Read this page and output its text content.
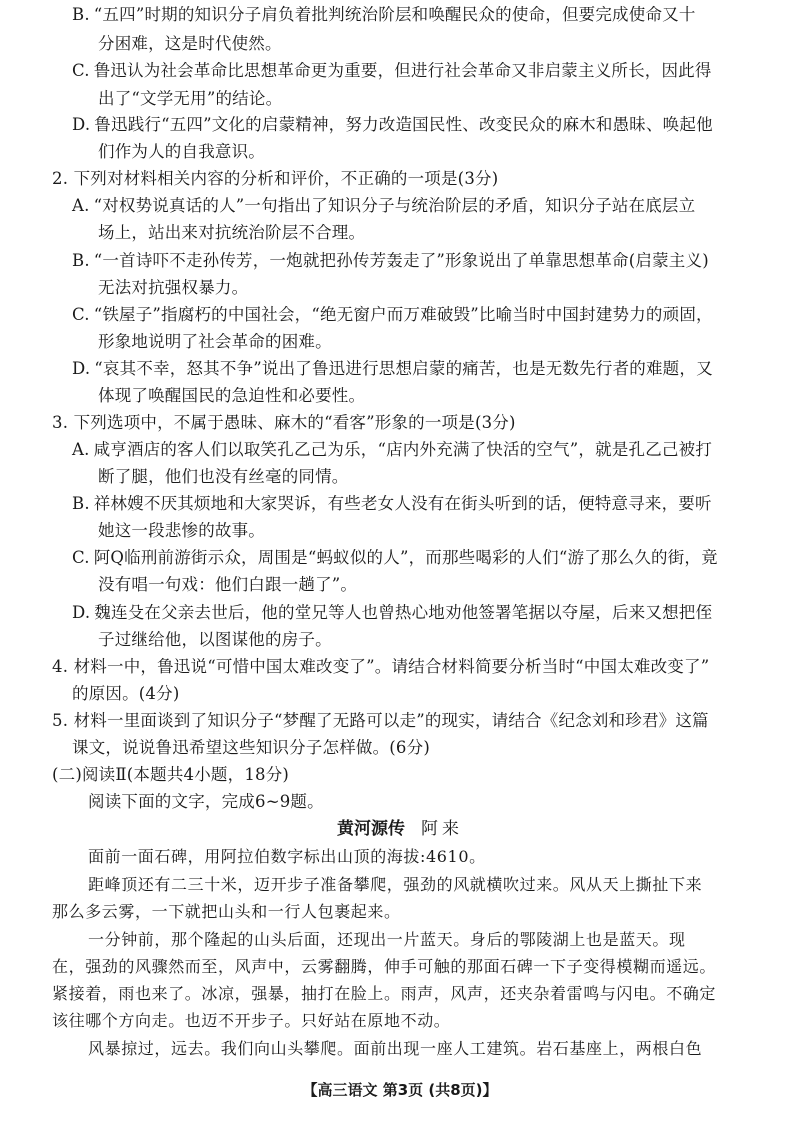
B. “五四”时期的知识分子肩负着批判统治阶层和唤醒民众的使命，但要完成使命又十
分困难，这是时代使然。
C. 鲁迅认为社会革命比思想革命更为重要，但进行社会革命又非启蒙主义所长，因此得
出了“文学无用”的结论。
D. 鲁迅践行“五四”文化的启蒙精神，努力改造国民性、改变民众的麻木和愚昧、唤起他
们作为人的自我意识。
2. 下列对材料相关内容的分析和评价，不正确的一项是(3分)
A. “对权势说真话的人”一句指出了知识分子与统治阶层的矛盾，知识分子站在底层立
场上，站出来对抗统治阶层不合理。
B. “一首诗吓不走孙传芳，一炮就把孙传芳轰走了”形象说出了单靠思想革命(启蒙主义)
无法对抗强权暴力。
C. “铁屋子”指腐朽的中国社会，“绝无窗户而万难破毁”比喻当时中国封建势力的顽固，
形象地说明了社会革命的困难。
D. “哀其不幸，怒其不争”说出了鲁迅进行思想启蒙的痛苦，也是无数先行者的难题，又
体现了唤醒国民的急迫性和必要性。
3. 下列选项中，不属于愚昧、麻木的“看客”形象的一项是(3分)
A. 咸亨酒店的客人们以取笑孔乙己为乐，“店内外充满了快活的空气”，就是孔乙己被打
断了腿，他们也没有丝毫的同情。
B. 祥林嫂不厌其烦地和大家哭诉，有些老女人没有在街头听到的话，便特意寻来，要听
她这一段悲惨的故事。
C. 阿Q临刑前游街示众，周围是“蚂蚁似的人”，而那些喝彩的人们“游了那么久的街，竟
没有唱一句戏：他们白跟一趟了”。
D. 魏连殳在父亲去世后，他的堂兄等人也曾热心地劝他签署笔据以夺屋，后来又想把侄
子过继给他，以图谋他的房子。
4. 材料一中，鲁迅说“可惜中国太难改变了”。请结合材料简要分析当时“中国太难改变了”
的原因。(4分)
5. 材料一里面谈到了知识分子“梦醒了无路可以走”的现实，请结合《纪念刘和珍君》这篇
课文，说说鲁迅希望这些知识分子怎样做。(6分)
(二)阅读Ⅱ(本题共4小题，18分)
阅读下面的文字，完成6~9题。
黄河源传 阿来
面前一面石碑，用阿拉伯数字标出山顶的海拔:4610。
距峰顶还有二三十米，迈开步子准备攀爬，强劲的风就横吹过来。风从天上撕扯下来
那么多云雾，一下就把山头和一行人包裹起来。
一分钟前，那个隆起的山头后面，还现出一片蓝天。身后的鄂陵湖上也是蓝天。现
在，强劲的风骤然而至，风声中，云雾翻腾，伸手可触的那面石碑一下子变得模糊而遥远。
紧接着，雨也来了。冰凉，强暴，抽打在脸上。雨声，风声，还夹杂着雷鸣与闪电。不确定
该往哪个方向走。也迈不开步子。只好站在原地不动。
风暴掠过，远去。我们向山头攀爬。面前出现一座人工建筑。岩石基座上，两根白色
【高三语文 第3页 (共8页)】
